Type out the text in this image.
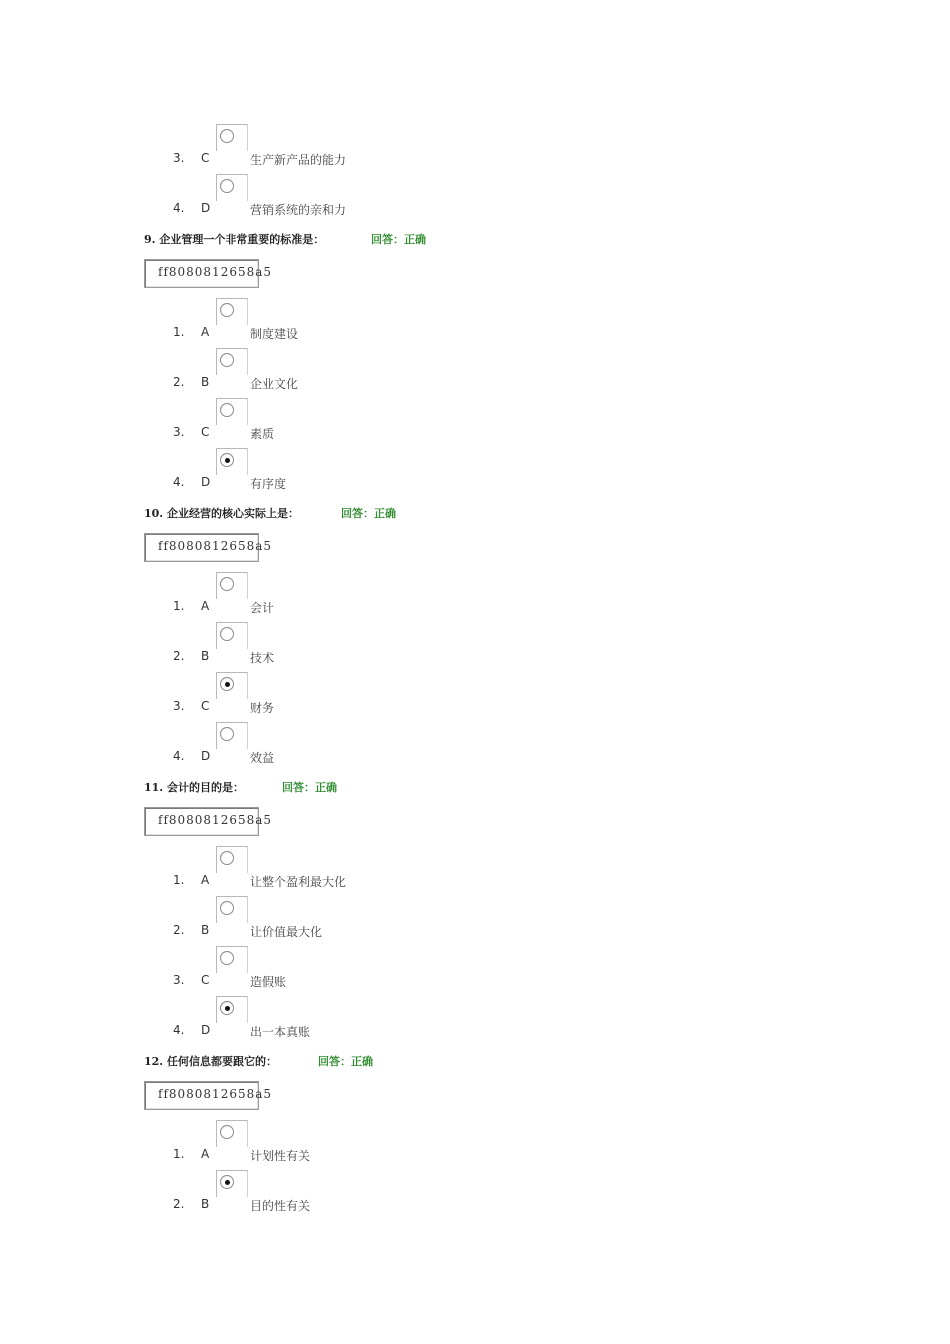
3. C	生产新产品的能力
4. D	营销系统的亲和力
9. 企业管理一个非常重要的标准是：	回答：正确
ff8080812658a5
1. A	制度建设
2. B	企业文化
3. C	素质
4. D	有序度
10. 企业经营的核心实际上是：	回答：正确
ff8080812658a5
1. A	会计
2. B	技术
3. C	财务
4. D	效益
11. 会计的目的是：	回答：正确
ff8080812658a5
1. A	让整个盈利最大化
2. B	让价值最大化
3. C	造假账
4. D	出一本真账
12. 任何信息都要跟它的：	回答：正确
ff8080812658a5
1. A	计划性有关
2. B	目的性有关
